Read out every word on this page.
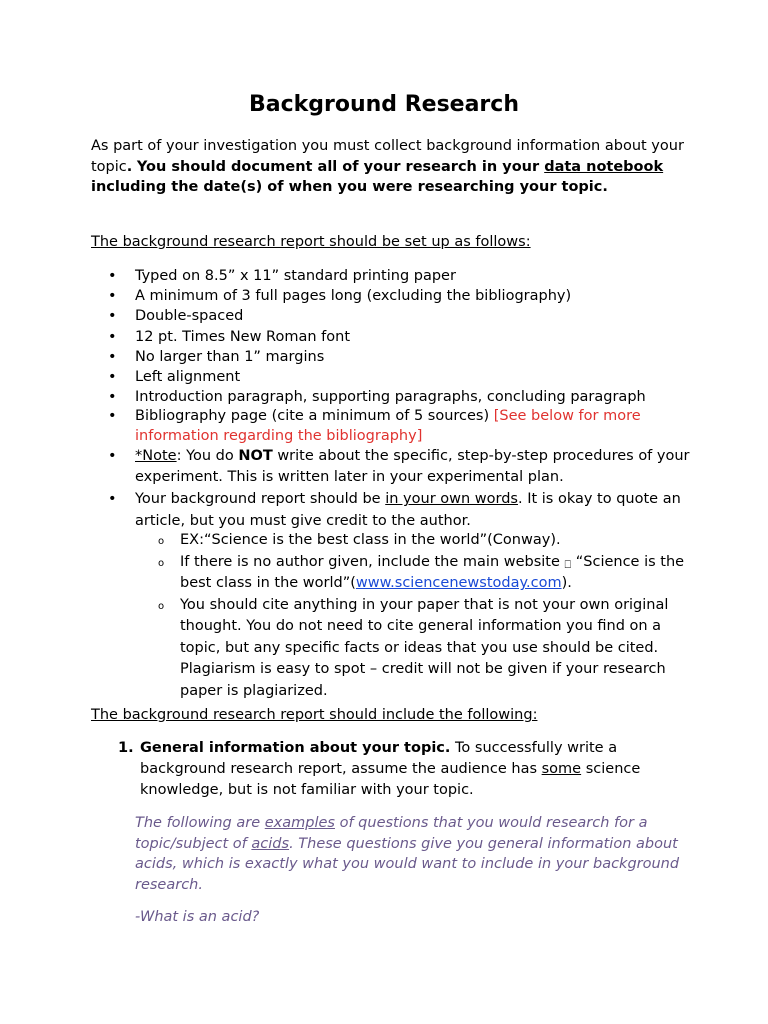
Background Research

As part of your investigation you must collect background information about your topic. You should document all of your research in your data notebook including the date(s) of when you were researching your topic.

The background research report should be set up as follows:

• Typed on 8.5” x 11” standard printing paper
• A minimum of 3 full pages long (excluding the bibliography)
• Double-spaced
• 12 pt. Times New Roman font
• No larger than 1” margins
• Left alignment
• Introduction paragraph, supporting paragraphs, concluding paragraph
• Bibliography page (cite a minimum of 5 sources) [See below for more information regarding the bibliography]
• *Note: You do NOT write about the specific, step-by-step procedures of your experiment. This is written later in your experimental plan.
• Your background report should be in your own words. It is okay to quote an article, but you must give credit to the author.
o EX:“Science is the best class in the world”(Conway).
o If there is no author given, include the main website ⎕ “Science is the best class in the world”(www.sciencenewstoday.com).
o You should cite anything in your paper that is not your own original thought. You do not need to cite general information you find on a topic, but any specific facts or ideas that you use should be cited. Plagiarism is easy to spot – credit will not be given if your research paper is plagiarized.

The background research report should include the following:

1. General information about your topic. To successfully write a background research report, assume the audience has some science knowledge, but is not familiar with your topic.

The following are examples of questions that you would research for a topic/subject of acids. These questions give you general information about acids, which is exactly what you would want to include in your background research.

-What is an acid?
